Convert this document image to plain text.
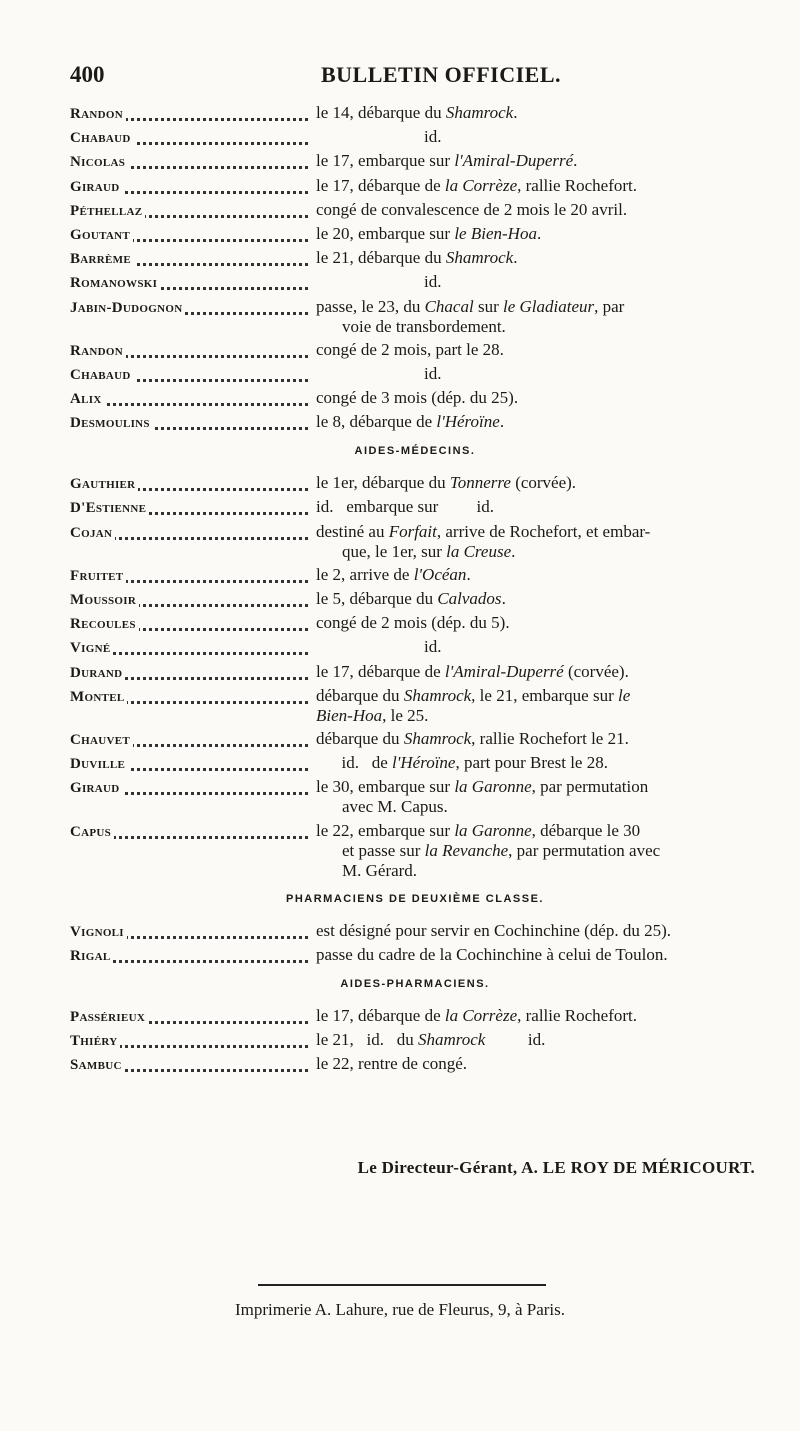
400	BULLETIN OFFICIEL.
Randon	le 14, débarque du Shamrock.
Chabaud	id.
Nicolas	le 17, embarque sur l'Amiral-Duperré.
Giraud	le 17, débarque de la Corrèze, rallie Rochefort.
Péthellaz	congé de convalescence de 2 mois le 20 avril.
Goutant	le 20, embarque sur le Bien-Hoa.
Barrème	le 21, débarque du Shamrock.
Romanowski	id.
Jabin-Dudognon	passe, le 23, du Chacal sur le Gladiateur, par
voie de transbordement.
Randon	congé de 2 mois, part le 28.
Chabaud	id.
Alix	congé de 3 mois (dép. du 25).
Desmoulins	le 8, débarque de l'Héroïne.
AIDES-MÉDECINS.
Gauthier	le 1er, débarque du Tonnerre (corvée).
D'Estienne	id.   embarque sur         id.
Cojan	destiné au Forfait, arrive de Rochefort, et embar-
que, le 1er, sur la Creuse.
Fruitet	le 2, arrive de l'Océan.
Moussoir	le 5, débarque du Calvados.
Recoules	congé de 2 mois (dép. du 5).
Vigné	id.
Durand	le 17, débarque de l'Amiral-Duperré (corvée).
Montel	débarque du Shamrock, le 21, embarque sur le
Bien-Hoa, le 25.
Chauvet	débarque du Shamrock, rallie Rochefort le 21.
Duville	id.   de l'Héroïne, part pour Brest le 28.
Giraud	le 30, embarque sur la Garonne, par permutation
avec M. Capus.
Capus	le 22, embarque sur la Garonne, débarque le 30
et passe sur la Revanche, par permutation avec
M. Gérard.
PHARMACIENS DE DEUXIÈME CLASSE.
Vignoli	est désigné pour servir en Cochinchine (dép. du 25).
Rigal	passe du cadre de la Cochinchine à celui de Toulon.
AIDES-PHARMACIENS.
Passérieux	le 17, débarque de la Corrèze, rallie Rochefort.
Thiéry	le 21,   id.   du Shamrock          id.
Sambuc	le 22, rentre de congé.
Le Directeur-Gérant, A. LE ROY DE MÉRICOURT.
Imprimerie A. Lahure, rue de Fleurus, 9, à Paris.
